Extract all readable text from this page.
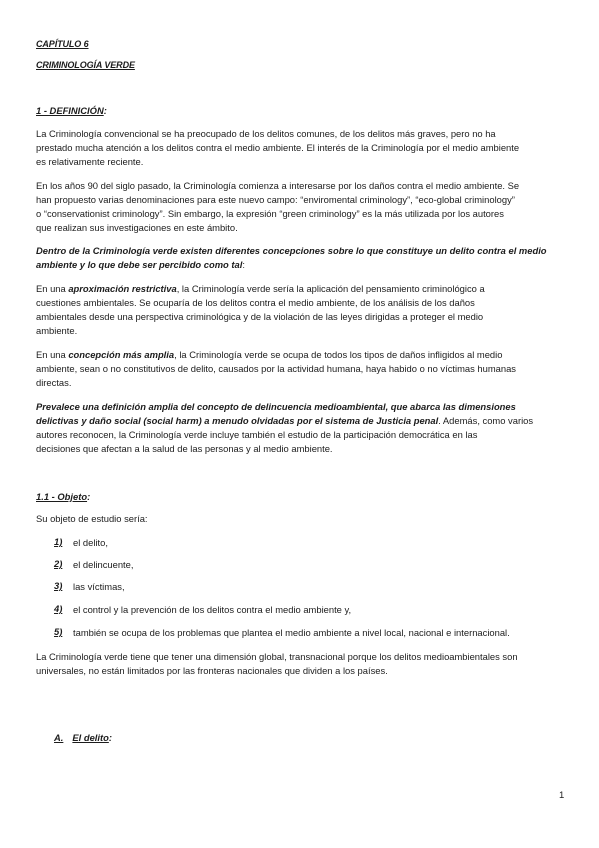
CAPÍTULO 6
CRIMINOLOGÍA VERDE
1 - DEFINICIÓN:
La Criminología convencional se ha preocupado de los delitos comunes, de los delitos más graves, pero no ha
prestado mucha atención a los delitos contra el medio ambiente. El interés de la Criminología por el medio ambiente
es relativamente reciente.
En los años 90 del siglo pasado, la Criminología comienza a interesarse por los daños contra el medio ambiente. Se
han propuesto varias denominaciones para este nuevo campo: “enviromental criminology”, “eco-global criminology”
o “conservationist criminology”. Sin embargo, la expresión “green criminology” es la más utilizada por los autores
que realizan sus investigaciones en este ámbito.
Dentro de la Criminología verde existen diferentes concepciones sobre lo que constituye un delito contra el medio
ambiente y lo que debe ser percibido como tal:
En una aproximación restrictiva, la Criminología verde sería la aplicación del pensamiento criminológico a
cuestiones ambientales. Se ocuparía de los delitos contra el medio ambiente, de los análisis de los daños
ambientales desde una perspectiva criminológica y de la violación de las leyes dirigidas a proteger el medio
ambiente.
En una concepción más amplia, la Criminología verde se ocupa de todos los tipos de daños infligidos al medio
ambiente, sean o no constitutivos de delito, causados por la actividad humana, haya habido o no víctimas humanas
directas.
Prevalece una definición amplia del concepto de delincuencia medioambiental, que abarca las dimensiones
delictivas y daño social (social harm) a menudo olvidadas por el sistema de Justicia penal. Además, como varios
autores reconocen, la Criminología verde incluye también el estudio de la participación democrática en las
decisiones que afectan a la salud de las personas y al medio ambiente.
1.1 - Objeto:
Su objeto de estudio sería:
1) el delito,
2) el delincuente,
3) las víctimas,
4) el control y la prevención de los delitos contra el medio ambiente y,
5) también se ocupa de los problemas que plantea el medio ambiente a nivel local, nacional e internacional.
La Criminología verde tiene que tener una dimensión global, transnacional porque los delitos medioambientales son
universales, no están limitados por las fronteras nacionales que dividen a los países.
A. El delito:
1
